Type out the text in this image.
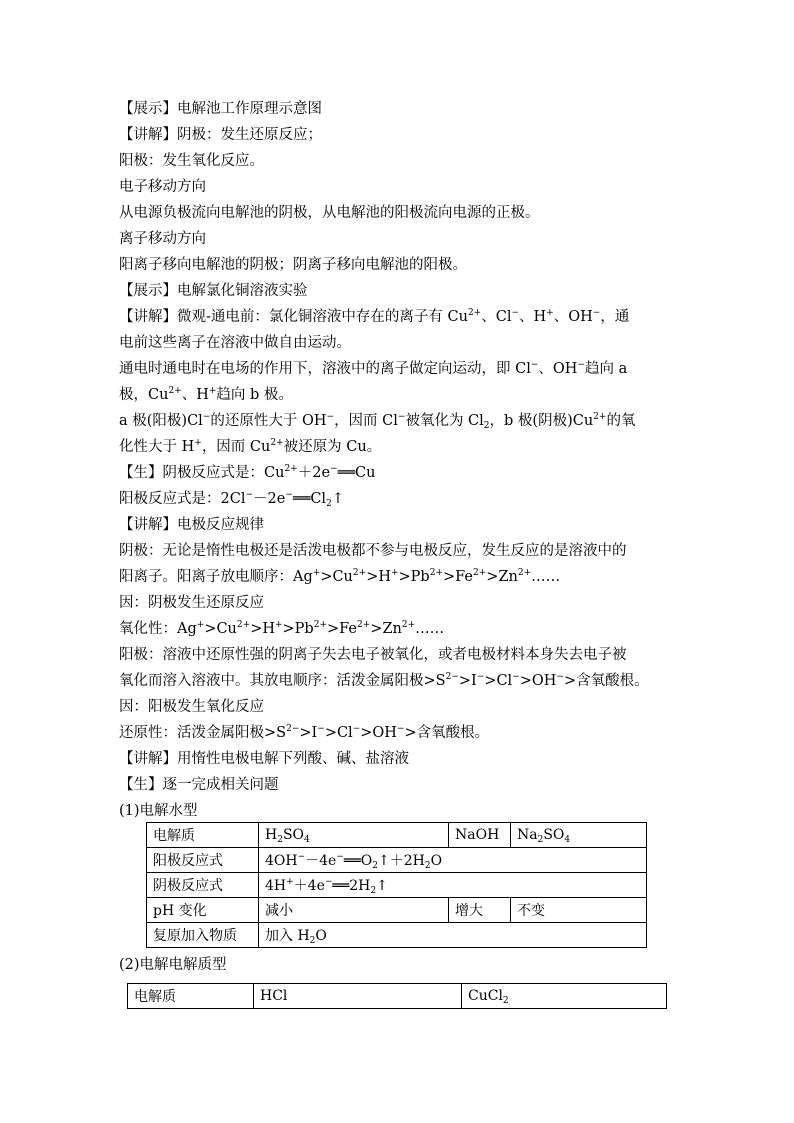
【展示】电解池工作原理示意图
【讲解】阴极：发生还原反应；
阳极：发生氧化反应。
电子移动方向
从电源负极流向电解池的阴极，从电解池的阳极流向电源的正极。
离子移动方向
阳离子移向电解池的阴极；阴离子移向电解池的阳极。
【展示】电解氯化铜溶液实验
【讲解】微观-通电前：氯化铜溶液中存在的离子有 $Cu^{2+}$、Cl−、H+、OH−，通
电前这些离子在溶液中做自由运动。
通电时通电时在电场的作用下，溶液中的离子做定向运动，即 Cl−、OH−趋向 a
极，$Cu^{2+}$、H+趋向 b 极。
a 极(阳极)Cl−的还原性大于 OH−，因而 Cl−被氧化为 $Cl_2$，b 极(阴极)$Cu^{2+}$的氧
化性大于 H+，因而 $Cu^{2+}$被还原为 Cu。
【生】阴极反应式是：$Cu^{2+}+2e^-══Cu$
阳极反应式是：$2Cl^--2e^-══Cl_2↑$
【讲解】电极反应规律
阴极：无论是惰性电极还是活泼电极都不参与电极反应，发生反应的是溶液中的
阳离子。阳离子放电顺序：$Ag^+>Cu^{2+}>H^+>Pb^{2+}>Fe^{2+}>Zn^{2+}\dots\dots$
因：阴极发生还原反应
氧化性：$Ag^+>Cu^{2+}>H^+>Pb^{2+}>Fe^{2+}>Zn^{2+}\dots\dots$
阳极：溶液中还原性强的阴离子失去电子被氧化，或者电极材料本身失去电子被
氧化而溶入溶液中。其放电顺序：活泼金属阳极$>S^{2-}>I^->Cl^->OH^->$含氧酸根。
因：阳极发生氧化反应
还原性：活泼金属阳极$>S^{2-}>I^->Cl^->OH^->$含氧酸根。
【讲解】用惰性电极电解下列酸、碱、盐溶液
【生】逐一完成相关问题
(1)电解水型
(2)电解电解质型
电解质	$H_2SO_4$	NaOH	$Na_2SO_4$
阳极反应式	$4OH^--4e^-══O_2↑+2H_2O$		
阴极反应式	$4H^++4e^-══2H_2↑$		
pH 变化	减小	增大	不变
复原加入物质	加入 $H_2O$		
电解质	HCl	CuCl$_2$
